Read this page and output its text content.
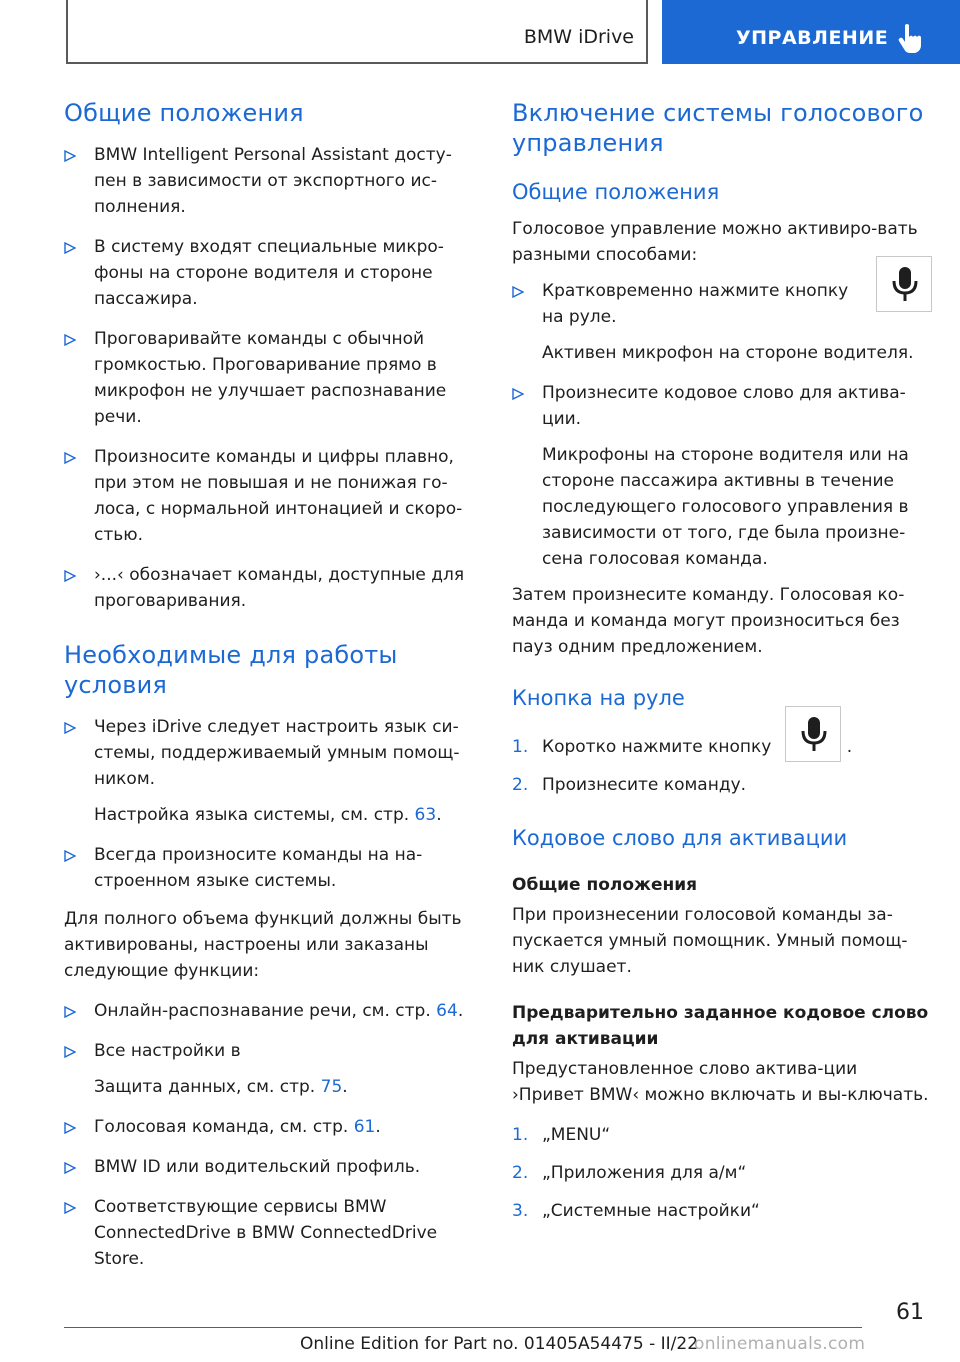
BMW iDrive	УПРАВЛЕНИЕ
Общие положения
BMW Intelligent Personal Assistant досту-пен в зависимости от экспортного ис-полнения.
В систему входят специальные микро-фоны на стороне водителя и стороне пассажира.
Проговаривайте команды с обычной громкостью. Проговаривание прямо в микрофон не улучшает распознавание речи.
Произносите команды и цифры плавно, при этом не повышая и не понижая го-лоса, с нормальной интонацией и скоро-стью.
›...‹ обозначает команды, доступные для проговаривания.
Необходимые для работы условия
Через iDrive следует настроить язык си-стемы, поддерживаемый умным помощ-ником.
Настройка языка системы, см. стр. 63.
Всегда произносите команды на на-строенном языке системы.

Для полного объема функций должны быть активированы, настроены или заказаны следующие функции:

Онлайн-распознавание речи, см. стр. 64.
Все настройки в
Защита данных, см. стр. 75.
Голосовая команда, см. стр. 61.
BMW ID или водительский профиль.
Соответствующие сервисы BMW ConnectedDrive в BMW ConnectedDrive Store.
Включение системы голосового управления
Общие положения

Голосовое управление можно активиро-вать разными способами:

Кратковременно нажмите кнопку на руле.
Активен микрофон на стороне водителя.
Произнесите кодовое слово для актива-ции.
Микрофоны на стороне водителя или на стороне пассажира активны в течение последующего голосового управления в зависимости от того, где была произне-сена голосовая команда.

Затем произнесите команду. Голосовая ко-манда и команда могут произноситься без пауз одним предложением.

Кнопка на руле
1. Коротко нажмите кнопку	.
2. Произнесите команду.
Кодовое слово для активации
Общие положения

При произнесении голосовой команды за-пускается умный помощник. Умный помощ-ник слушает.

Предварительно заданное кодовое слово для активации

Предустановленное слово актива-ции ›Привет BMW‹ можно включать и вы-ключать.

1. „MENU“
2. „Приложения для а/м“
3. „Системные настройки“
61
Online Edition for Part no. 01405A54475 - II/22
onlinemanuals.com
